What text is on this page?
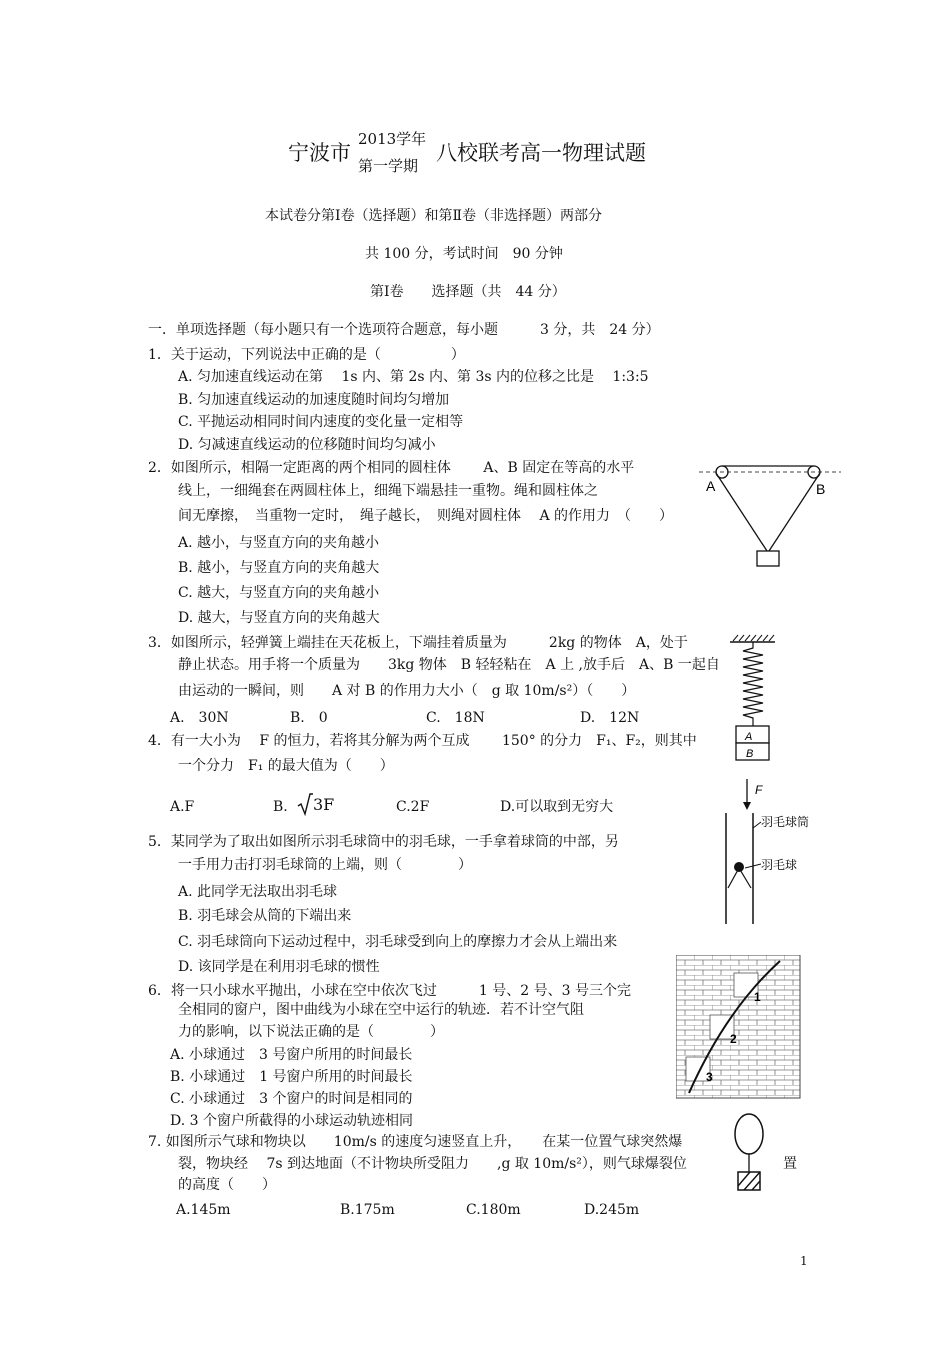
宁波市
2013学年
第一学期
八校联考高一物理试题
本试卷分第Ⅰ卷（选择题）和第Ⅱ卷（非选择题）两部分
共 100 分，考试时间　90 分钟
第Ⅰ卷　　选择题（共　44 分）
一．单项选择题（每小题只有一个选项符合题意，每小题　　　3 分，共　24 分）
1．关于运动，下列说法中正确的是（　　　　　）
A. 匀加速直线运动在第　 1s 内、第 2s 内、第 3s 内的位移之比是　 1:3:5
B. 匀加速直线运动的加速度随时间均匀增加
C. 平抛运动相同时间内速度的变化量一定相等
D. 匀减速直线运动的位移随时间均匀减小
2．如图所示，相隔一定距离的两个相同的圆柱体　　 A、B 固定在等高的水平
线上，一细绳套在两圆柱体上，细绳下端悬挂一重物。绳和圆柱体之
间无摩擦，　当重物一定时，　绳子越长，　则绳对圆柱体　 A 的作用力　（　　）
A. 越小，与竖直方向的夹角越小
B. 越小，与竖直方向的夹角越大
C. 越大，与竖直方向的夹角越小
D. 越大，与竖直方向的夹角越大
A	B
3．如图所示，轻弹簧上端挂在天花板上，下端挂着质量为　　　2kg 的物体　A，处于
静止状态。用手将一个质量为　　3kg 物体　B 轻轻粘在　A 上 ,放手后　A、B 一起自
由运动的一瞬间，则　　A 对 B 的作用力大小（　g 取 10m/s²）（　　）
A.　30N	B.　0	C.　18N	D.　12N
A
B
4．有一大小为　 F 的恒力，若将其分解为两个互成　　 150° 的分力　F₁、F₂，则其中
一个分力　F₁ 的最大值为（　　）
A.F	B. 3F	C.2F	D.可以取到无穷大
5．某同学为了取出如图所示羽毛球筒中的羽毛球，一手拿着球筒的中部，另
一手用力击打羽毛球筒的上端，则（　　　　）
A. 此同学无法取出羽毛球
B. 羽毛球会从筒的下端出来
C. 羽毛球筒向下运动过程中，羽毛球受到向上的摩擦力才会从上端出来
D. 该同学是在利用羽毛球的惯性
F
羽毛球筒
羽毛球
6．将一只小球水平抛出，小球在空中依次飞过　　　1 号、2 号、3 号三个完
全相同的窗户，图中曲线为小球在空中运行的轨迹．若不计空气阻
力的影响，以下说法正确的是（　　　　）
A. 小球通过　3 号窗户所用的时间最长
B. 小球通过　1 号窗户所用的时间最长
C. 小球通过　3 个窗户的时间是相同的
D. 3 个窗户所截得的小球运动轨迹相同
1
2
3
7. 如图所示气球和物块以　　10m/s 的速度匀速竖直上升，　　在某一位置气球突然爆
裂，物块经　 7s 到达地面（不计物块所受阻力　　,g 取 10m/s²），则气球爆裂位	置
的高度（　　）
A.145m	B.175m	C.180m	D.245m
1
